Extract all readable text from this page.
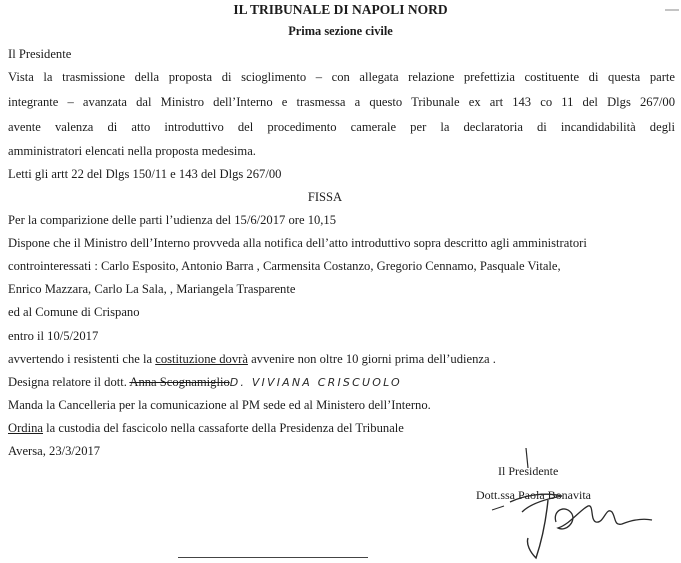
IL TRIBUNALE DI NAPOLI NORD
Prima sezione civile
Il Presidente
Vista la trasmissione della proposta di scioglimento – con allegata relazione prefettizia costituente di questa parte
integrante – avanzata dal Ministro dell’Interno e trasmessa a questo Tribunale ex art 143 co 11 del Dlgs 267/00
avente valenza di atto introduttivo del procedimento camerale per la declaratoria di incandidabilità degli
amministratori elencati nella proposta medesima.
Letti gli artt 22 del Dlgs 150/11 e 143 del Dlgs 267/00
FISSA
Per la comparizione delle parti l’udienza del 15/6/2017 ore 10,15
Dispone che il Ministro dell’Interno provveda alla notifica dell’atto introduttivo sopra descritto agli amministratori
controinteressati : Carlo Esposito, Antonio Barra , Carmensita Costanzo, Gregorio Cennamo, Pasquale Vitale,
Enrico Mazzara, Carlo La Sala, , Mariangela Trasparente
ed al Comune di Crispano
entro il 10/5/2017
avvertendo i resistenti che la costituzione dovrà avvenire non oltre 10 giorni prima dell’udienza .
Designa relatore il dott. Anna ScognamiglioD. VIVIANA CRISCUOLO
Manda la Cancelleria per la comunicazione al PM sede ed al Ministero dell’Interno.
Ordina la custodia del fascicolo nella cassaforte della Presidenza del Tribunale
Aversa, 23/3/2017
Il Presidente
Dott.ssa Paola Bonavita
